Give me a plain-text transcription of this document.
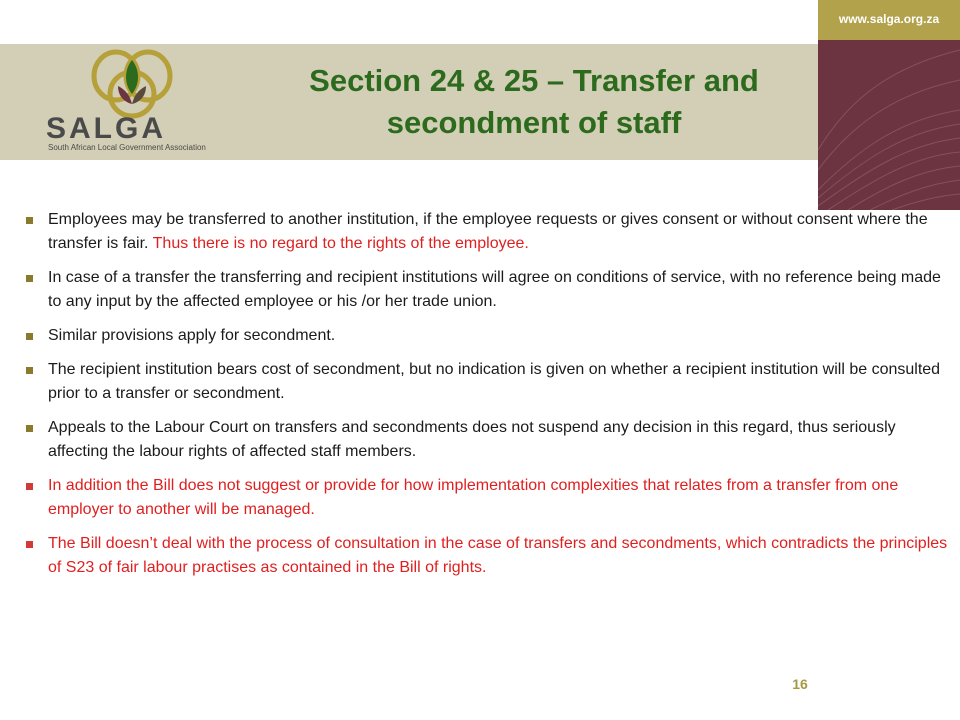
www.salga.org.za
SALGA
South African Local Government Association
Section 24 & 25 – Transfer and
secondment of staff
Employees may be transferred to another institution, if the employee requests or gives consent or without consent where the transfer is fair. Thus there is no regard to the rights of the employee.
In case of a transfer the transferring and recipient institutions will agree on conditions of service, with no reference being made to any input by the affected employee or his /or her trade union.
Similar provisions apply for secondment.
The recipient institution bears cost of secondment, but no indication is given on whether a recipient institution will be consulted prior to a transfer or secondment.
Appeals to the Labour Court on transfers and secondments does not suspend any decision in this regard, thus seriously affecting the labour rights of affected staff members.
In addition the Bill does not suggest or provide for how implementation complexities that relates from a transfer from one employer to another will be managed.
The Bill doesn’t deal with the process of consultation in the case of transfers and secondments, which contradicts the principles of S23 of fair labour practises as contained in the Bill of rights.
16
